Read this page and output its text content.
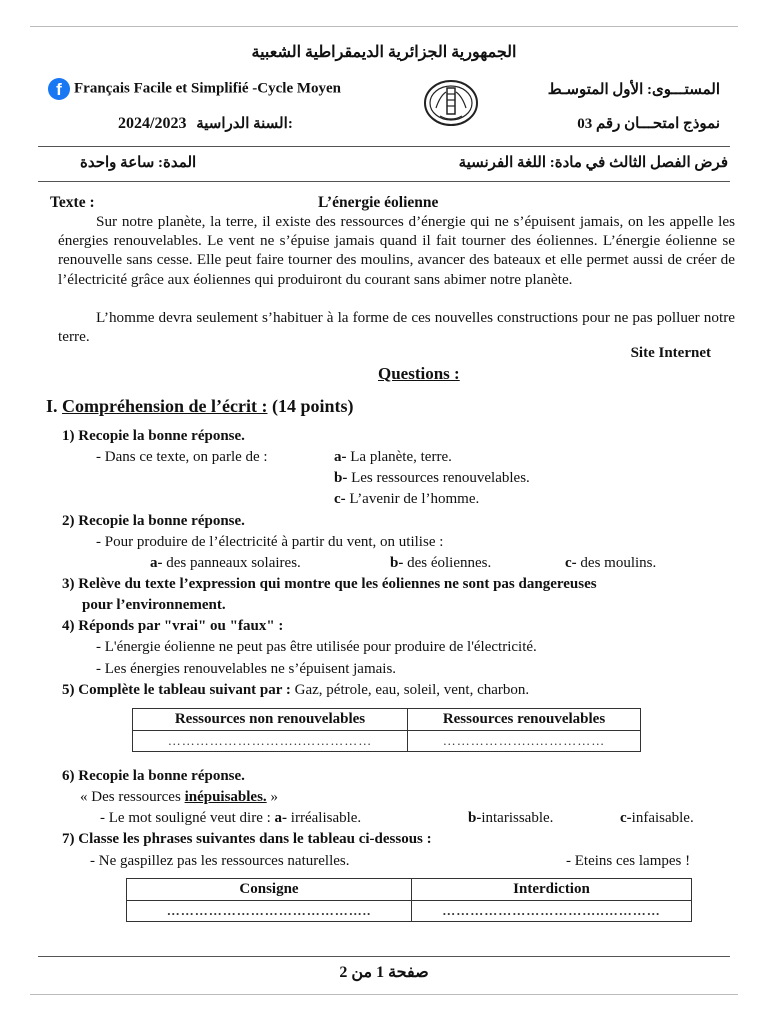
الجمهورية الجزائرية الديمقراطية الشعبية
f Français Facile et Simplifié -Cycle Moyen	المستـــوى: الأول المتوسـط
2024/2023 السنة الدراسية:	نموذج امتحـــان رقم 03
المدة: ساعة واحدة	فرض الفصل الثالث في مادة: اللغة الفرنسية
Texte :	L’énergie éolienne
Sur notre planète, la terre, il existe des ressources d’énergie qui ne s’épuisent jamais, on les appelle les énergies renouvelables. Le vent ne s’épuise jamais quand il fait tourner des éoliennes. L’énergie éolienne se renouvelle sans cesse. Elle peut faire tourner des moulins, avancer des bateaux et elle permet aussi de créer de l’électricité grâce aux éoliennes qui produiront du courant sans abimer notre planète.
L’homme devra seulement s’habituer à la forme de ces nouvelles constructions pour ne pas polluer notre terre.
Site Internet
Questions :
I. Compréhension de l’écrit : (14 points)
1) Recopie la bonne réponse.
- Dans ce texte, on parle de :	a- La planète, terre.
b- Les ressources renouvelables.
c- L’avenir de l’homme.
2) Recopie la bonne réponse.
- Pour produire de l’électricité à partir du vent, on utilise :
a- des panneaux solaires.	b- des éoliennes.	c- des moulins.
3) Relève du texte l’expression qui montre que les éoliennes ne sont pas dangereuses
pour l’environnement.
4) Réponds par "vrai" ou "faux" :
- L'énergie éolienne ne peut pas être utilisée pour produire de l'électricité.
- Les énergies renouvelables ne s’épuisent jamais.
5) Complète le tableau suivant par : Gaz, pétrole, eau, soleil, vent, charbon.
Ressources non renouvelables	Ressources renouvelables
………………………..……………	………………..……………
6) Recopie la bonne réponse.
« Des ressources inépuisables. »
- Le mot souligné veut dire : a- irréalisable.	b-intarissable.	c-infaisable.
7) Classe les phrases suivantes dans le tableau ci-dessous :
- Ne gaspillez pas les ressources naturelles.	- Eteins ces lampes !
Consigne	Interdiction
……………………………………..	……………………………..…………
صفحة 1 من 2
